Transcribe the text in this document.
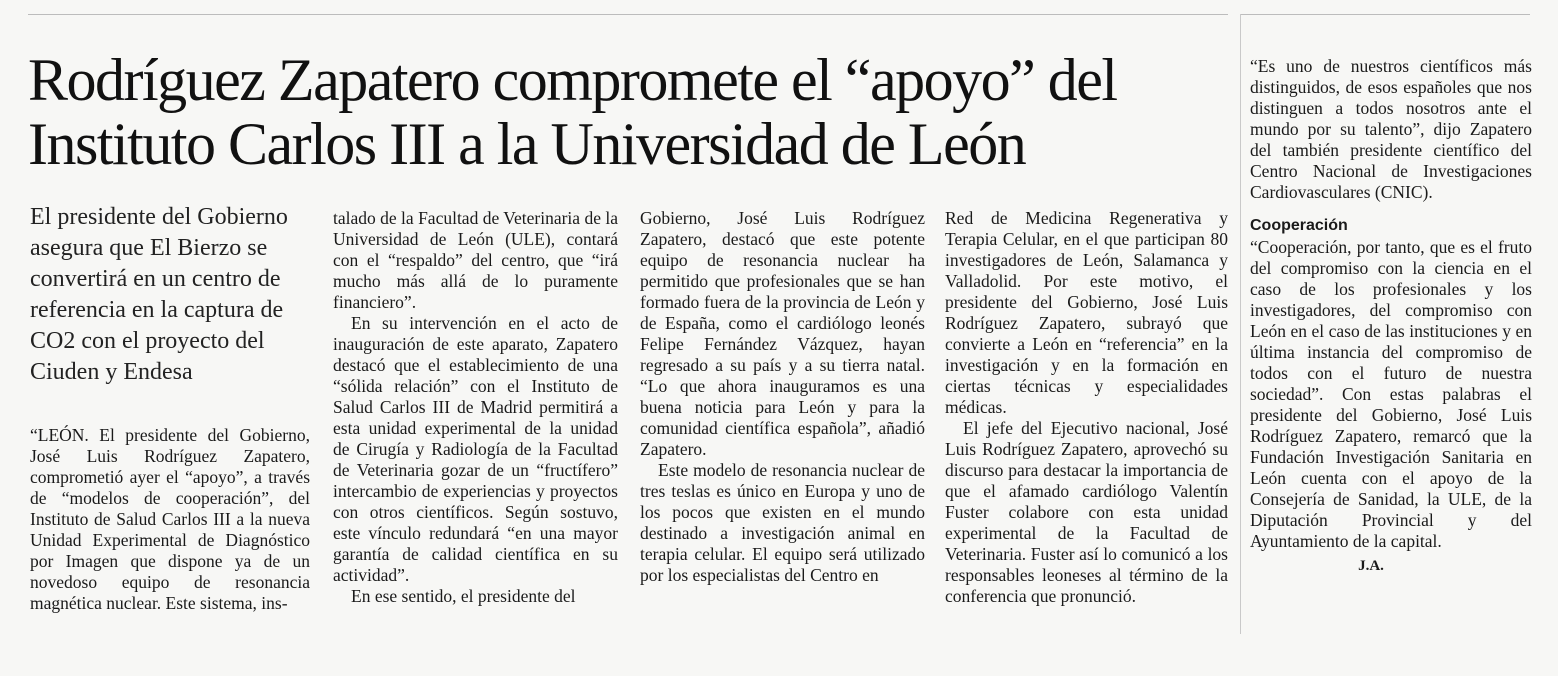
Rodríguez Zapatero compromete el “apoyo” del
Instituto Carlos III a la Universidad de León
El presidente del Gobierno asegura que El Bierzo se convertirá en un centro de referencia en la captura de CO2 con el proyecto del Ciuden y Endesa

“LEÓN. El presidente del Gobierno, José Luis Rodríguez Zapatero, comprometió ayer el “apoyo”, a través de “modelos de cooperación”, del Instituto de Salud Carlos III a la nueva Unidad Experimental de Diagnóstico por Imagen que dispone ya de un novedoso equipo de resonancia magnética nuclear. Este sistema, ins-

talado de la Facultad de Veterinaria de la Universidad de León (ULE), contará con el “respaldo” del centro, que “irá mucho más allá de lo puramente financiero”.

En su intervención en el acto de inauguración de este aparato, Zapatero destacó que el establecimiento de una “sólida relación” con el Instituto de Salud Carlos III de Madrid permitirá a esta unidad experimental de la unidad de Cirugía y Radiología de la Facultad de Veterinaria gozar de un “fructífero” intercambio de experiencias y proyectos con otros científicos. Según sostuvo, este vínculo redundará “en una mayor garantía de calidad científica en su actividad”.

En ese sentido, el presidente del

Gobierno, José Luis Rodríguez Zapatero, destacó que este potente equipo de resonancia nuclear ha permitido que profesionales que se han formado fuera de la provincia de León y de España, como el cardiólogo leonés Felipe Fernández Vázquez, hayan regresado a su país y a su tierra natal. “Lo que ahora inauguramos es una buena noticia para León y para la comunidad científica española”, añadió Zapatero.

Este modelo de resonancia nuclear de tres teslas es único en Europa y uno de los pocos que existen en el mundo destinado a investigación animal en terapia celular. El equipo será utilizado por los especialistas del Centro en

Red de Medicina Regenerativa y Terapia Celular, en el que participan 80 investigadores de León, Salamanca y Valladolid. Por este motivo, el presidente del Gobierno, José Luis Rodríguez Zapatero, subrayó que convierte a León en “referencia” en la investigación y en la formación en ciertas técnicas y especialidades médicas.

El jefe del Ejecutivo nacional, José Luis Rodríguez Zapatero, aprovechó su discurso para destacar la importancia de que el afamado cardiólogo Valentín Fuster colabore con esta unidad experimental de la Facultad de Veterinaria. Fuster así lo comunicó a los responsables leoneses al término de la conferencia que pronunció.

“Es uno de nuestros científicos más distinguidos, de esos españoles que nos distinguen a todos nosotros ante el mundo por su talento”, dijo Zapatero del también presidente científico del Centro Nacional de Investigaciones Cardiovasculares (CNIC).

Cooperación

“Cooperación, por tanto, que es el fruto del compromiso con la ciencia en el caso de los profesionales y los investigadores, del compromiso con León en el caso de las instituciones y en última instancia del compromiso de todos con el futuro de nuestra sociedad”. Con estas palabras el presidente del Gobierno, José Luis Rodríguez Zapatero, remarcó que la Fundación Investigación Sanitaria en León cuenta con el apoyo de la Consejería de Sanidad, la ULE, de la Diputación Provincial y del Ayuntamiento de la capital.

J.A.
